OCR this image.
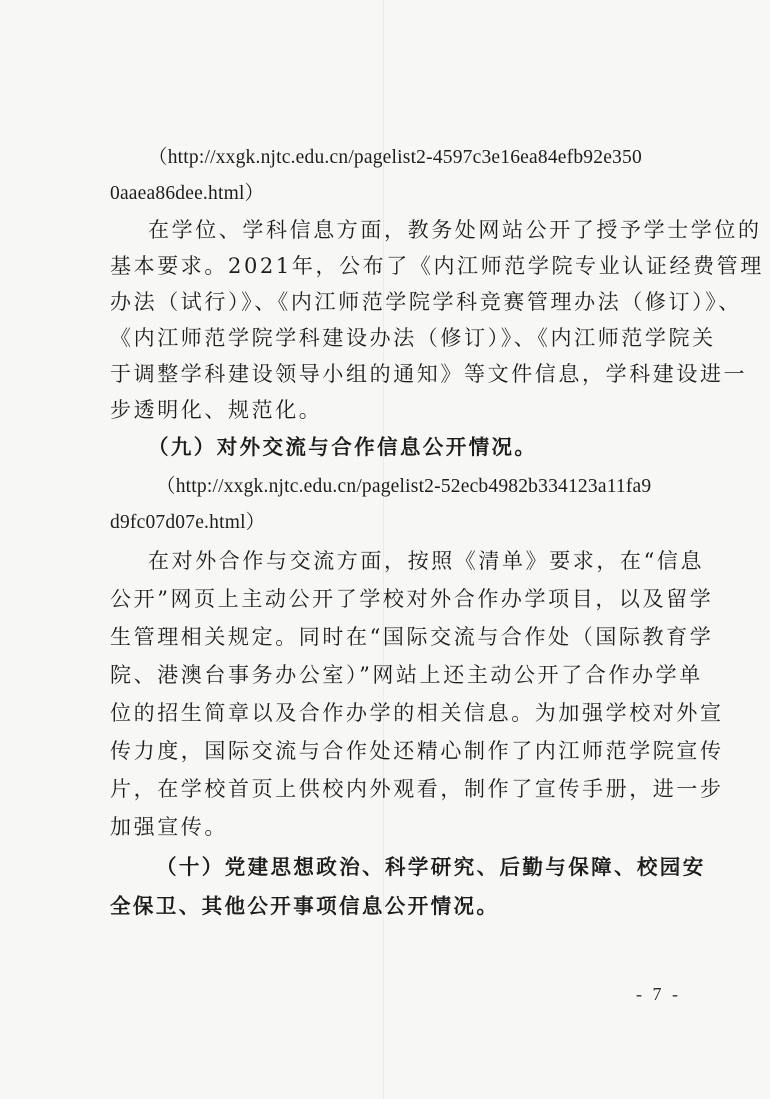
（http://xxgk.njtc.edu.cn/pagelist2-4597c3e16ea84efb92e350
0aaea86dee.html）
在学位、学科信息方面，教务处网站公开了授予学士学位的
基本要求。2021年，公布了《内江师范学院专业认证经费管理
办法（试行）》、《内江师范学院学科竞赛管理办法（修订）》、
《内江师范学院学科建设办法（修订）》、《内江师范学院关
于调整学科建设领导小组的通知》等文件信息，学科建设进一
步透明化、规范化。
（九）对外交流与合作信息公开情况。
（http://xxgk.njtc.edu.cn/pagelist2-52ecb4982b334123a11fa9
d9fc07d07e.html）
在对外合作与交流方面，按照《清单》要求，在“信息
公开”网页上主动公开了学校对外合作办学项目，以及留学
生管理相关规定。同时在“国际交流与合作处（国际教育学
院、港澳台事务办公室）”网站上还主动公开了合作办学单
位的招生简章以及合作办学的相关信息。为加强学校对外宣
传力度，国际交流与合作处还精心制作了内江师范学院宣传
片，在学校首页上供校内外观看，制作了宣传手册，进一步
加强宣传。
（十）党建思想政治、科学研究、后勤与保障、校园安
全保卫、其他公开事项信息公开情况。
- 7 -
